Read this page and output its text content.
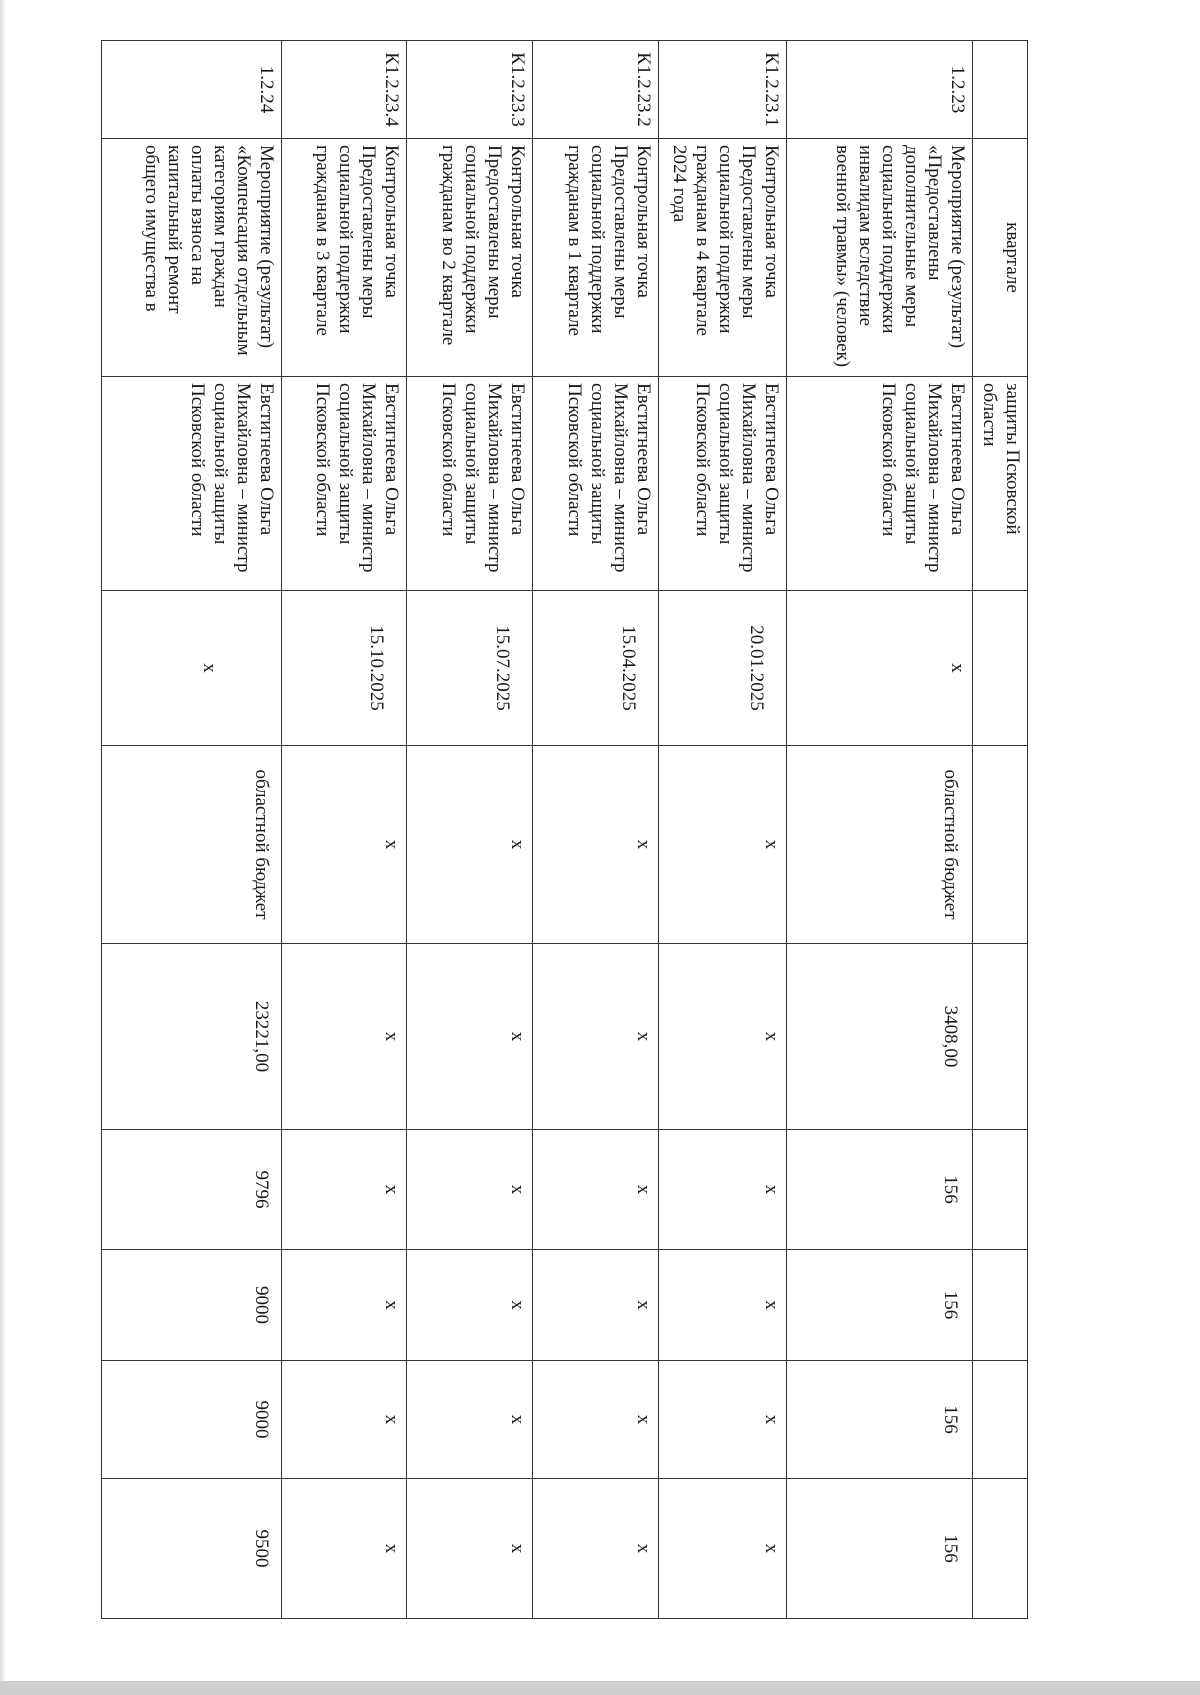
	кварталe	защиты Псковской области							
1.2.23	Мероприятие (результат) «Предоставлены дополнительные меры социальной поддержки инвалидам вследствие военной травмы» (человек)	Евстигнеева Ольга Михайловна – министр социальной защиты Псковской области	x	областной бюджет	3408,00	156	156	156	156
К1.2.23.1	Контрольная точка Предоставлены меры социальной поддержки гражданам в 4 квартале 2024 года	Евстигнеева Ольга Михайловна – министр социальной защиты Псковской области	20.01.2025	x	x	x	x	x	x
К1.2.23.2	Контрольная точка Предоставлены меры социальной поддержки гражданам в 1 квартале	Евстигнеева Ольга Михайловна – министр социальной защиты Псковской области	15.04.2025	x	x	x	x	x	x
К1.2.23.3	Контрольная точка Предоставлены меры социальной поддержки гражданам во 2 квартале	Евстигнеева Ольга Михайловна – министр социальной защиты Псковской области	15.07.2025	x	x	x	x	x	x
К1.2.23.4	Контрольная точка Предоставлены меры социальной поддержки гражданам в 3 квартале	Евстигнеева Ольга Михайловна – министр социальной защиты Псковской области	15.10.2025	x	x	x	x	x	x
1.2.24	Мероприятие (результат) «Компенсация отдельным категориям граждан оплаты взноса на капитальный ремонт общего имущества в	Евстигнеева Ольга Михайловна – министр социальной защиты Псковской области	x	областной бюджет	23221,00	9796	9000	9000	9500
